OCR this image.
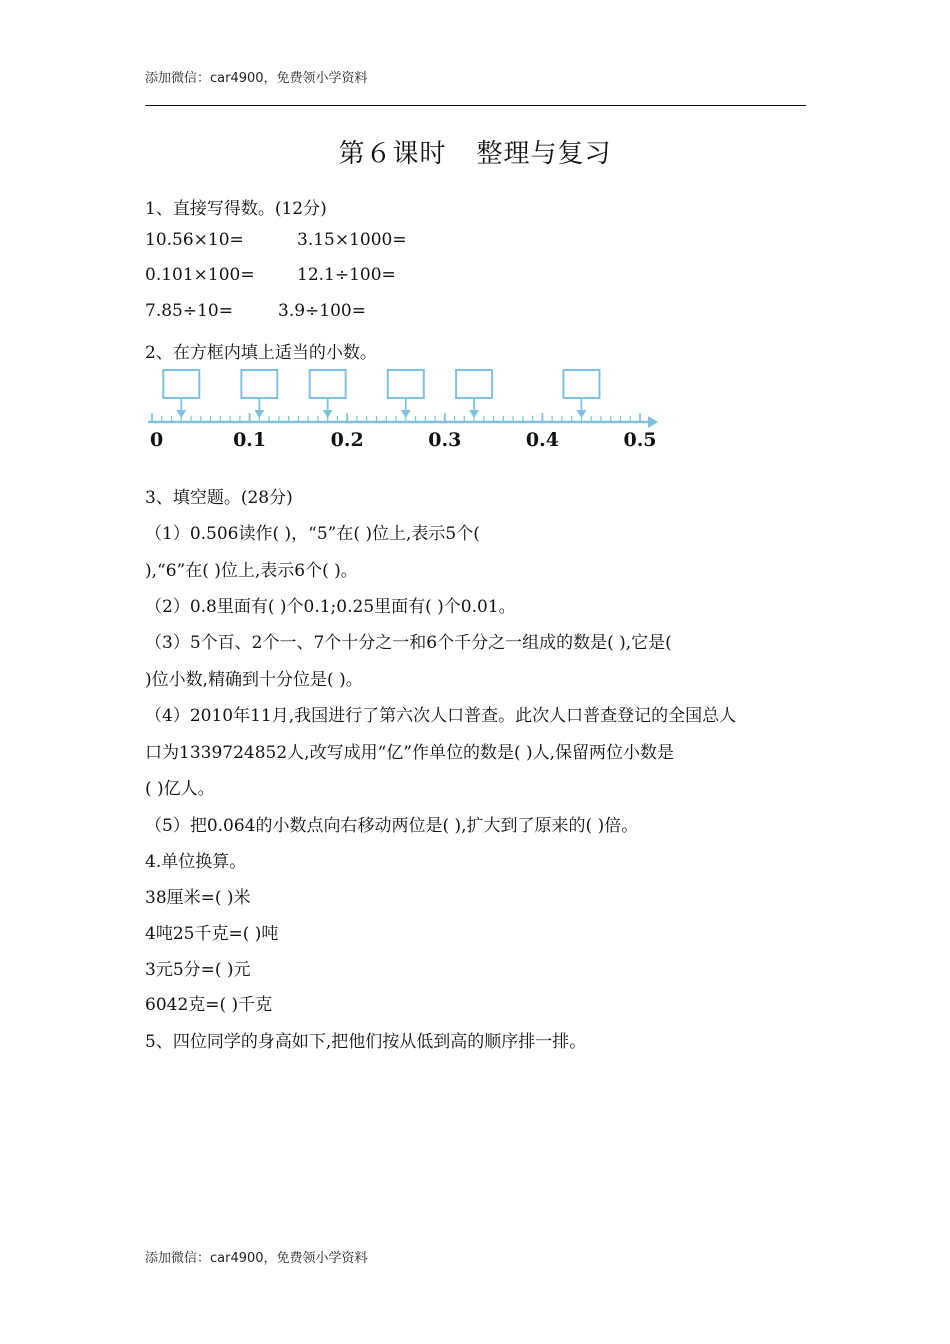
添加微信：car4900，免费领小学资料
第６课时 整理与复习
1、直接写得数。(12分)
10.56×10=	3.15×1000=
0.101×100= 12.1÷100=
7.85÷10=	3.9÷100=
2、在方框内填上适当的小数。
0	0.1	0.2	0.3	0.4	0.5
3、填空题。(28分)
（1）0.506读作( )，“5”在( )位上,表示5个(
),“6”在( )位上,表示6个( )。
（2）0.8里面有( )个0.1;0.25里面有( )个0.01。
（3）5个百、2个一、7个十分之一和6个千分之一组成的数是( ),它是(
)位小数,精确到十分位是( )。
（4）2010年11月,我国进行了第六次人口普查。此次人口普查登记的全国总人
口为1339724852人,改写成用“亿”作单位的数是( )人,保留两位小数是
( )亿人。
（5）把0.064的小数点向右移动两位是( ),扩大到了原来的( )倍。
4.单位换算。
38厘米=( )米
4吨25千克=( )吨
3元5分=( )元
6042克=( )千克
5、四位同学的身高如下,把他们按从低到高的顺序排一排。
添加微信：car4900，免费领小学资料
